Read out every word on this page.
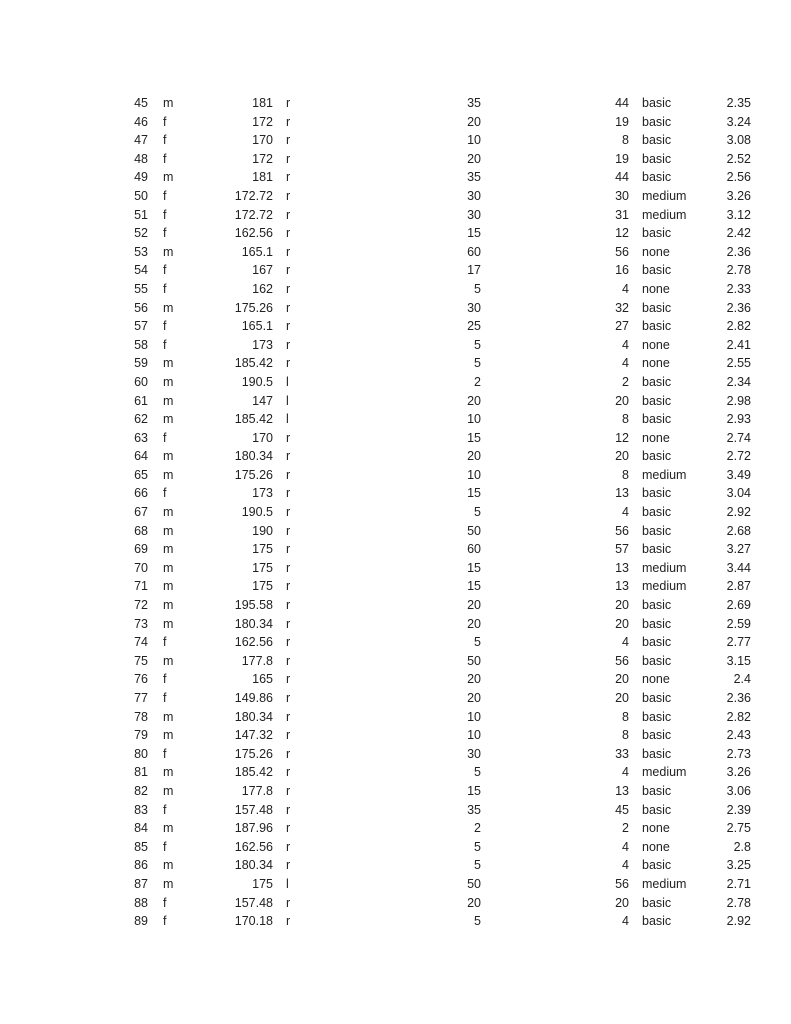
45 m	181 r	35	44 basic	2.35
46 f	172 r	20	19 basic	3.24
47 f	170 r	10	8 basic	3.08
48 f	172 r	20	19 basic	2.52
49 m	181 r	35	44 basic	2.56
50 f	172.72 r	30	30 medium	3.26
51 f	172.72 r	30	31 medium	3.12
52 f	162.56 r	15	12 basic	2.42
53 m	165.1 r	60	56 none	2.36
54 f	167 r	17	16 basic	2.78
55 f	162 r	5	4 none	2.33
56 m	175.26 r	30	32 basic	2.36
57 f	165.1 r	25	27 basic	2.82
58 f	173 r	5	4 none	2.41
59 m	185.42 r	5	4 none	2.55
60 m	190.5 l	2	2 basic	2.34
61 m	147 l	20	20 basic	2.98
62 m	185.42 l	10	8 basic	2.93
63 f	170 r	15	12 none	2.74
64 m	180.34 r	20	20 basic	2.72
65 m	175.26 r	10	8 medium	3.49
66 f	173 r	15	13 basic	3.04
67 m	190.5 r	5	4 basic	2.92
68 m	190 r	50	56 basic	2.68
69 m	175 r	60	57 basic	3.27
70 m	175 r	15	13 medium	3.44
71 m	175 r	15	13 medium	2.87
72 m	195.58 r	20	20 basic	2.69
73 m	180.34 r	20	20 basic	2.59
74 f	162.56 r	5	4 basic	2.77
75 m	177.8 r	50	56 basic	3.15
76 f	165 r	20	20 none	2.4
77 f	149.86 r	20	20 basic	2.36
78 m	180.34 r	10	8 basic	2.82
79 m	147.32 r	10	8 basic	2.43
80 f	175.26 r	30	33 basic	2.73
81 m	185.42 r	5	4 medium	3.26
82 m	177.8 r	15	13 basic	3.06
83 f	157.48 r	35	45 basic	2.39
84 m	187.96 r	2	2 none	2.75
85 f	162.56 r	5	4 none	2.8
86 m	180.34 r	5	4 basic	3.25
87 m	175 l	50	56 medium	2.71
88 f	157.48 r	20	20 basic	2.78
89 f	170.18 r	5	4 basic	2.92
